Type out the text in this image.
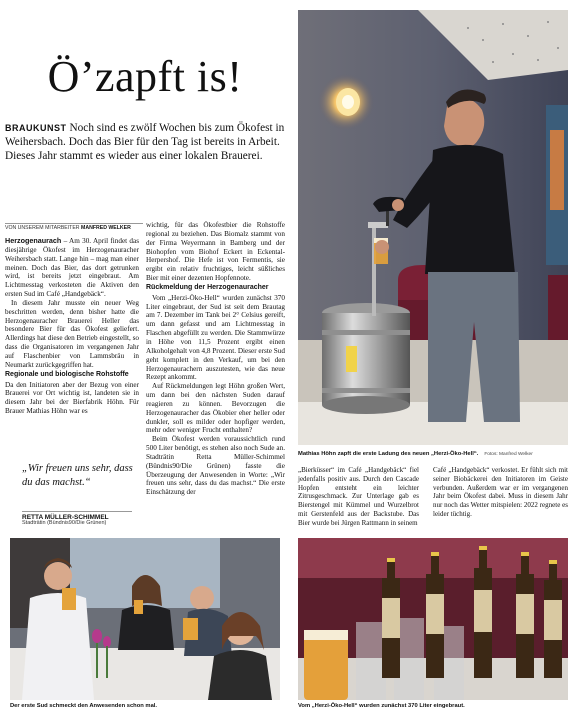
Ö’zapft is!
BRAUKUNST Noch sind es zwölf Wochen bis zum Ökofest in Weihersbach. Doch das Bier für den Tag ist bereits in Arbeit. Dieses Jahr stammt es wieder aus einer lokalen Brauerei.
VON UNSEREM MITARBEITER MANFRED WELKER

Herzogenaurach – Am 30. April findet das diesjährige Ökofest im Herzogenauracher Weihersbach statt. Lange hin – mag man einer meinen. Doch das Bier, das dort getrunken wird, ist bereits jetzt eingebraut. Am Lichtmesstag verkosteten die Aktiven den ersten Sud im Café „Handgebäck“.

In diesem Jahr musste ein neuer Weg beschritten werden, denn bisher hatte die Herzogenauracher Brauerei Heller das besondere Bier für das Ökofest geliefert. Allerdings hat diese den Betrieb eingestellt, so dass die Organisatoren im vergangenen Jahr auf Flaschenbier von Lammsbräu in Neumarkt zurückgegriffen hat.

Regionale und biologische Rohstoffe

Da den Initiatoren aber der Bezug von einer Brauerei vor Ort wichtig ist, landeten sie in diesem Jahr bei der Bierfabrik Höhn. Für Brauer Mathias Höhn war es

„Wir freuen uns sehr, dass du das machst.“
RETTA MÜLLER-SCHIMMEL
Stadträtin (Bündnis90/Die Grünen)

wichtig, für das Ökofestbier die Rohstoffe regional zu beziehen. Das Biomalz stammt von der Firma Weyermann in Bamberg und der Biohopfen vom Biohof Eckert in Eckental-Herpershof. Die Hefe ist von Fermentis, sie ergibt ein relativ fruchtiges, leicht süßliches Bier mit einer dezenten Hopfennote.

Rückmeldung der Herzogenauracher

Vom „Herzi-Öko-Hell“ wurden zunächst 370 Liter eingebraut, der Sud ist seit dem Brautag am 7. Dezember im Tank bei 2° Celsius gereift, um dann gefasst und am Lichtmesstag in Flaschen abgefüllt zu werden. Die Stammwürze in Höhe von 11,5 Prozent ergibt einen Alkoholgehalt von 4,8 Prozent. Dieser erste Sud geht komplett in den Verkauf, um bei den Herzogenaurachern auszutesten, wie das neue Rezept ankommt.

Auf Rückmeldungen legt Höhn großen Wert, um dann bei den nächsten Suden darauf reagieren zu können. Bevorzugen die Herzogenauracher das Ökobier eher heller oder dunkler, soll es milder oder hopfiger werden, mehr oder weniger Frucht enthalten?

Beim Ökofest werden voraussichtlich rund 500 Liter benötigt, es stehen also noch Sude an. Stadträtin Retta Müller-Schimmel (Bündnis90/Die Grünen) fasste die Überzeugung der Anwesenden in Worte: „Wir freuen uns sehr, dass du das machst.“ Die erste Einschätzung der

Mathias Höhn zapft die erste Ladung des neuen „Herzi-Öko-Hell“. Fotos: Manfred Welker
„Bierküsser“ im Café „Handgebäck“ fiel jedenfalls positiv aus. Durch den Cascade Hopfen entsteht ein leichter Zitrusgeschmack. Zur Unterlage gab es Bierstengel mit Kümmel und Wurzelbrot mit Gerstenfeld aus der Backstube. Das Bier wurde bei Jürgen Rattmann in seinem
Café „Handgebäck“ verkostet. Er fühlt sich mit seiner Biobäckerei den Initiatoren im Geiste verbunden. Außerdem war er im vergangenen Jahr beim Ökofest dabei. Muss in diesem Jahr nur noch das Wetter mitspielen: 2022 regnete es leider tüchtig.
Der erste Sud schmeckt den Anwesenden schon mal.	Vom „Herzi-Öko-Hell“ wurden zunächst 370 Liter eingebraut.
